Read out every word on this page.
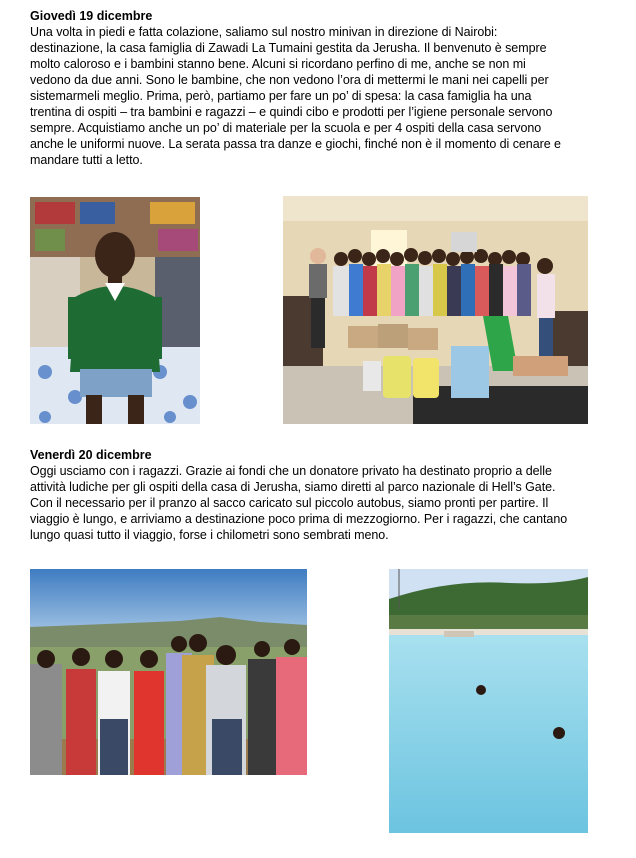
Giovedì 19 dicembre
Una volta in piedi e fatta colazione, saliamo sul nostro minivan in direzione di Nairobi:
destinazione, la casa famiglia di Zawadi La Tumaini gestita da Jerusha. Il benvenuto è sempre
molto caloroso e i bambini stanno bene. Alcuni si ricordano perfino di me, anche se non mi
vedono da due anni. Sono le bambine, che non vedono l’ora di mettermi le mani nei capelli per
sistemarmeli meglio. Prima, però, partiamo per fare un po’ di spesa: la casa famiglia ha una
trentina di ospiti – tra bambini e ragazzi – e quindi cibo e prodotti per l’igiene personale servono
sempre. Acquistiamo anche un po’ di materiale per la scuola e per 4 ospiti della casa servono
anche le uniformi nuove. La serata passa tra danze e giochi, finché non è il momento di cenare e
mandare tutti a letto.
Venerdì 20 dicembre
Oggi usciamo con i ragazzi. Grazie ai fondi che un donatore privato ha destinato proprio a delle
attività ludiche per gli ospiti della casa di Jerusha, siamo diretti al parco nazionale di Hell’s Gate.
Con il necessario per il pranzo al sacco caricato sul piccolo autobus, siamo pronti per partire. Il
viaggio è lungo, e arriviamo a destinazione poco prima di mezzogiorno. Per i ragazzi, che cantano
lungo quasi tutto il viaggio, forse i chilometri sono sembrati meno.
